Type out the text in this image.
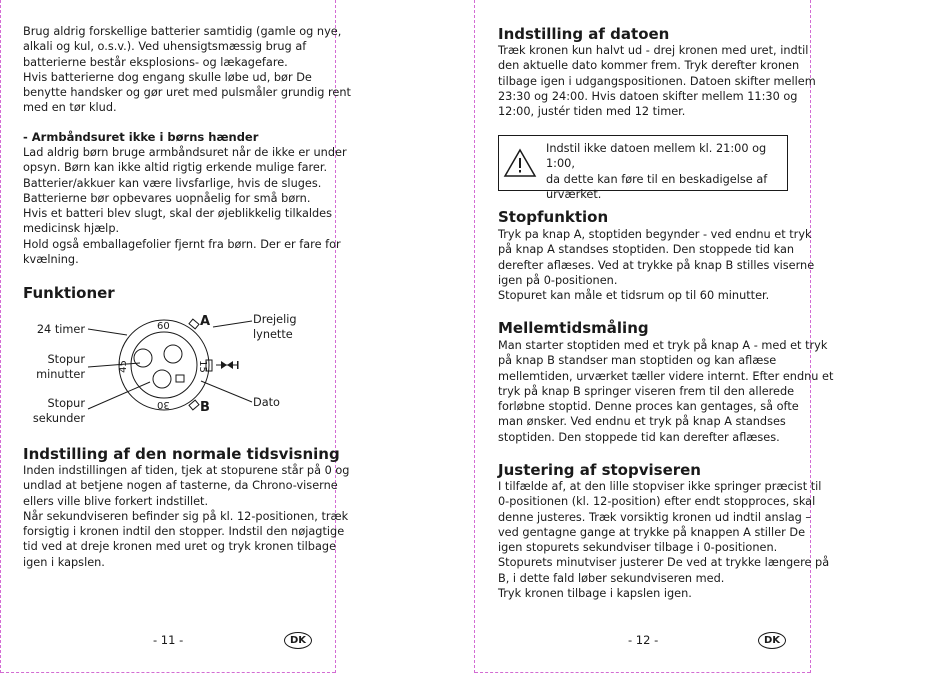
Brug aldrig forskellige batterier samtidig (gamle og nye,
alkali og kul, o.s.v.). Ved uhensigtsmæssig brug af
batterierne består eksplosions- og lækagefare.
Hvis batterierne dog engang skulle løbe ud, bør De
benytte handsker og gør uret med pulsmåler grundig rent
med en tør klud.
- Armbåndsuret ikke i børns hænder
Lad aldrig børn bruge armbåndsuret når de ikke er under
opsyn. Børn kan ikke altid rigtig erkende mulige farer.
Batterier/akkuer kan være livsfarlige, hvis de sluges.
Batterierne bør opbevares uopnåelig for små børn.
Hvis et batteri blev slugt, skal der øjeblikkelig tilkaldes
medicinsk hjælp.
Hold også emballagefolier fjernt fra børn. Der er fare for
kvælning.
Funktioner
24 timer
Stopur
minutter
Stopur
sekunder
Drejelig
lynette
Dato
60
15
30
45
A
B
Indstilling af den normale tidsvisning
Inden indstillingen af tiden, tjek at stopurene står på 0 og
undlad at betjene nogen af tasterne, da Chrono-viserne
ellers ville blive forkert indstillet.
Når sekundviseren befinder sig på kl. 12-positionen, træk
forsigtig i kronen indtil den stopper. Indstil den nøjagtige
tid ved at dreje kronen med uret og tryk kronen tilbage
igen i kapslen.
- 11 -	DK
Indstilling af datoen
Træk kronen kun halvt ud - drej kronen med uret, indtil
den aktuelle dato kommer frem. Tryk derefter kronen
tilbage igen i udgangspositionen. Datoen skifter mellem
23:30 og 24:00. Hvis datoen skifter mellem 11:30 og
12:00, justér tiden med 12 timer.
Indstil ikke datoen mellem kl. 21:00 og 1:00,
da dette kan føre til en beskadigelse af
urværket.
Stopfunktion
Tryk pa knap A, stoptiden begynder - ved endnu et tryk
på knap A standses stoptiden. Den stoppede tid kan
derefter aflæses. Ved at trykke på knap B stilles viserne
igen på 0-positionen.
Stopuret kan måle et tidsrum op til 60 minutter.
Mellemtidsmåling
Man starter stoptiden med et tryk på knap A - med et tryk
på knap B standser man stoptiden og kan aflæse
mellemtiden, urværket tæller videre internt. Efter endnu et
tryk på knap B springer viseren frem til den allerede
forløbne stoptid. Denne proces kan gentages, så ofte
man ønsker. Ved endnu et tryk på knap A standses
stoptiden. Den stoppede tid kan derefter aflæses.
Justering af stopviseren
I tilfælde af, at den lille stopviser ikke springer præcist til
0-positionen (kl. 12-position) efter endt stopproces, skal
denne justeres. Træk vorsiktig kronen ud indtil anslag –
ved gentagne gange at trykke på knappen A stiller De
igen stopurets sekundviser tilbage i 0-positionen.
Stopurets minutviser justerer De ved at trykke længere på
B, i dette fald løber sekundviseren med.
Tryk kronen tilbage i kapslen igen.
- 12 -	DK
